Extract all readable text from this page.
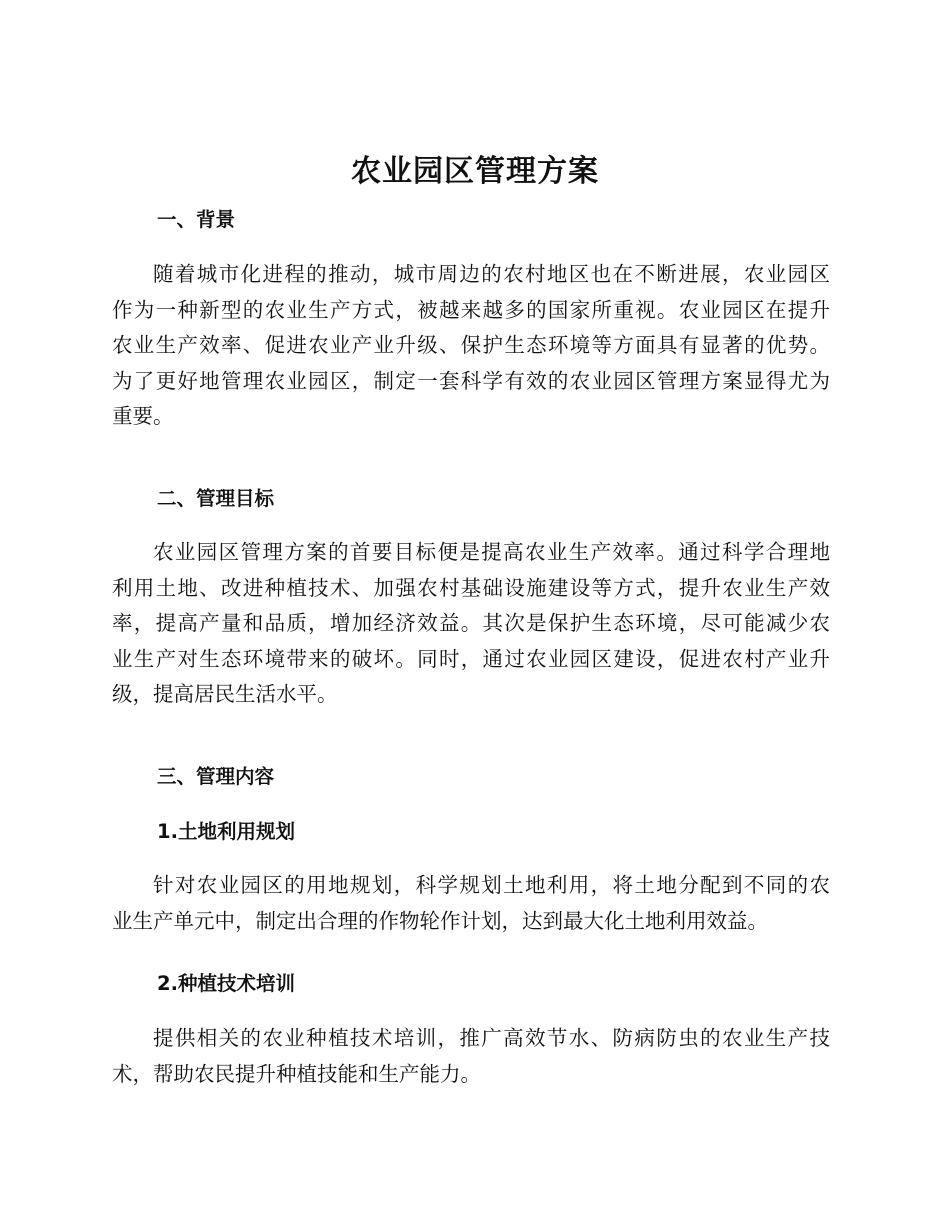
农业园区管理方案
一、背景

随着城市化进程的推动，城市周边的农村地区也在不断进展，农业园区
作为一种新型的农业生产方式，被越来越多的国家所重视。农业园区在提升
农业生产效率、促进农业产业升级、保护生态环境等方面具有显著的优势。
为了更好地管理农业园区，制定一套科学有效的农业园区管理方案显得尤为
重要。

二、管理目标

农业园区管理方案的首要目标便是提高农业生产效率。通过科学合理地
利用土地、改进种植技术、加强农村基础设施建设等方式，提升农业生产效
率，提高产量和品质，增加经济效益。其次是保护生态环境，尽可能减少农
业生产对生态环境带来的破坏。同时，通过农业园区建设，促进农村产业升
级，提高居民生活水平。

三、管理内容
1.土地利用规划

针对农业园区的用地规划，科学规划土地利用，将土地分配到不同的农
业生产单元中，制定出合理的作物轮作计划，达到最大化土地利用效益。

2.种植技术培训

提供相关的农业种植技术培训，推广高效节水、防病防虫的农业生产技
术，帮助农民提升种植技能和生产能力。
